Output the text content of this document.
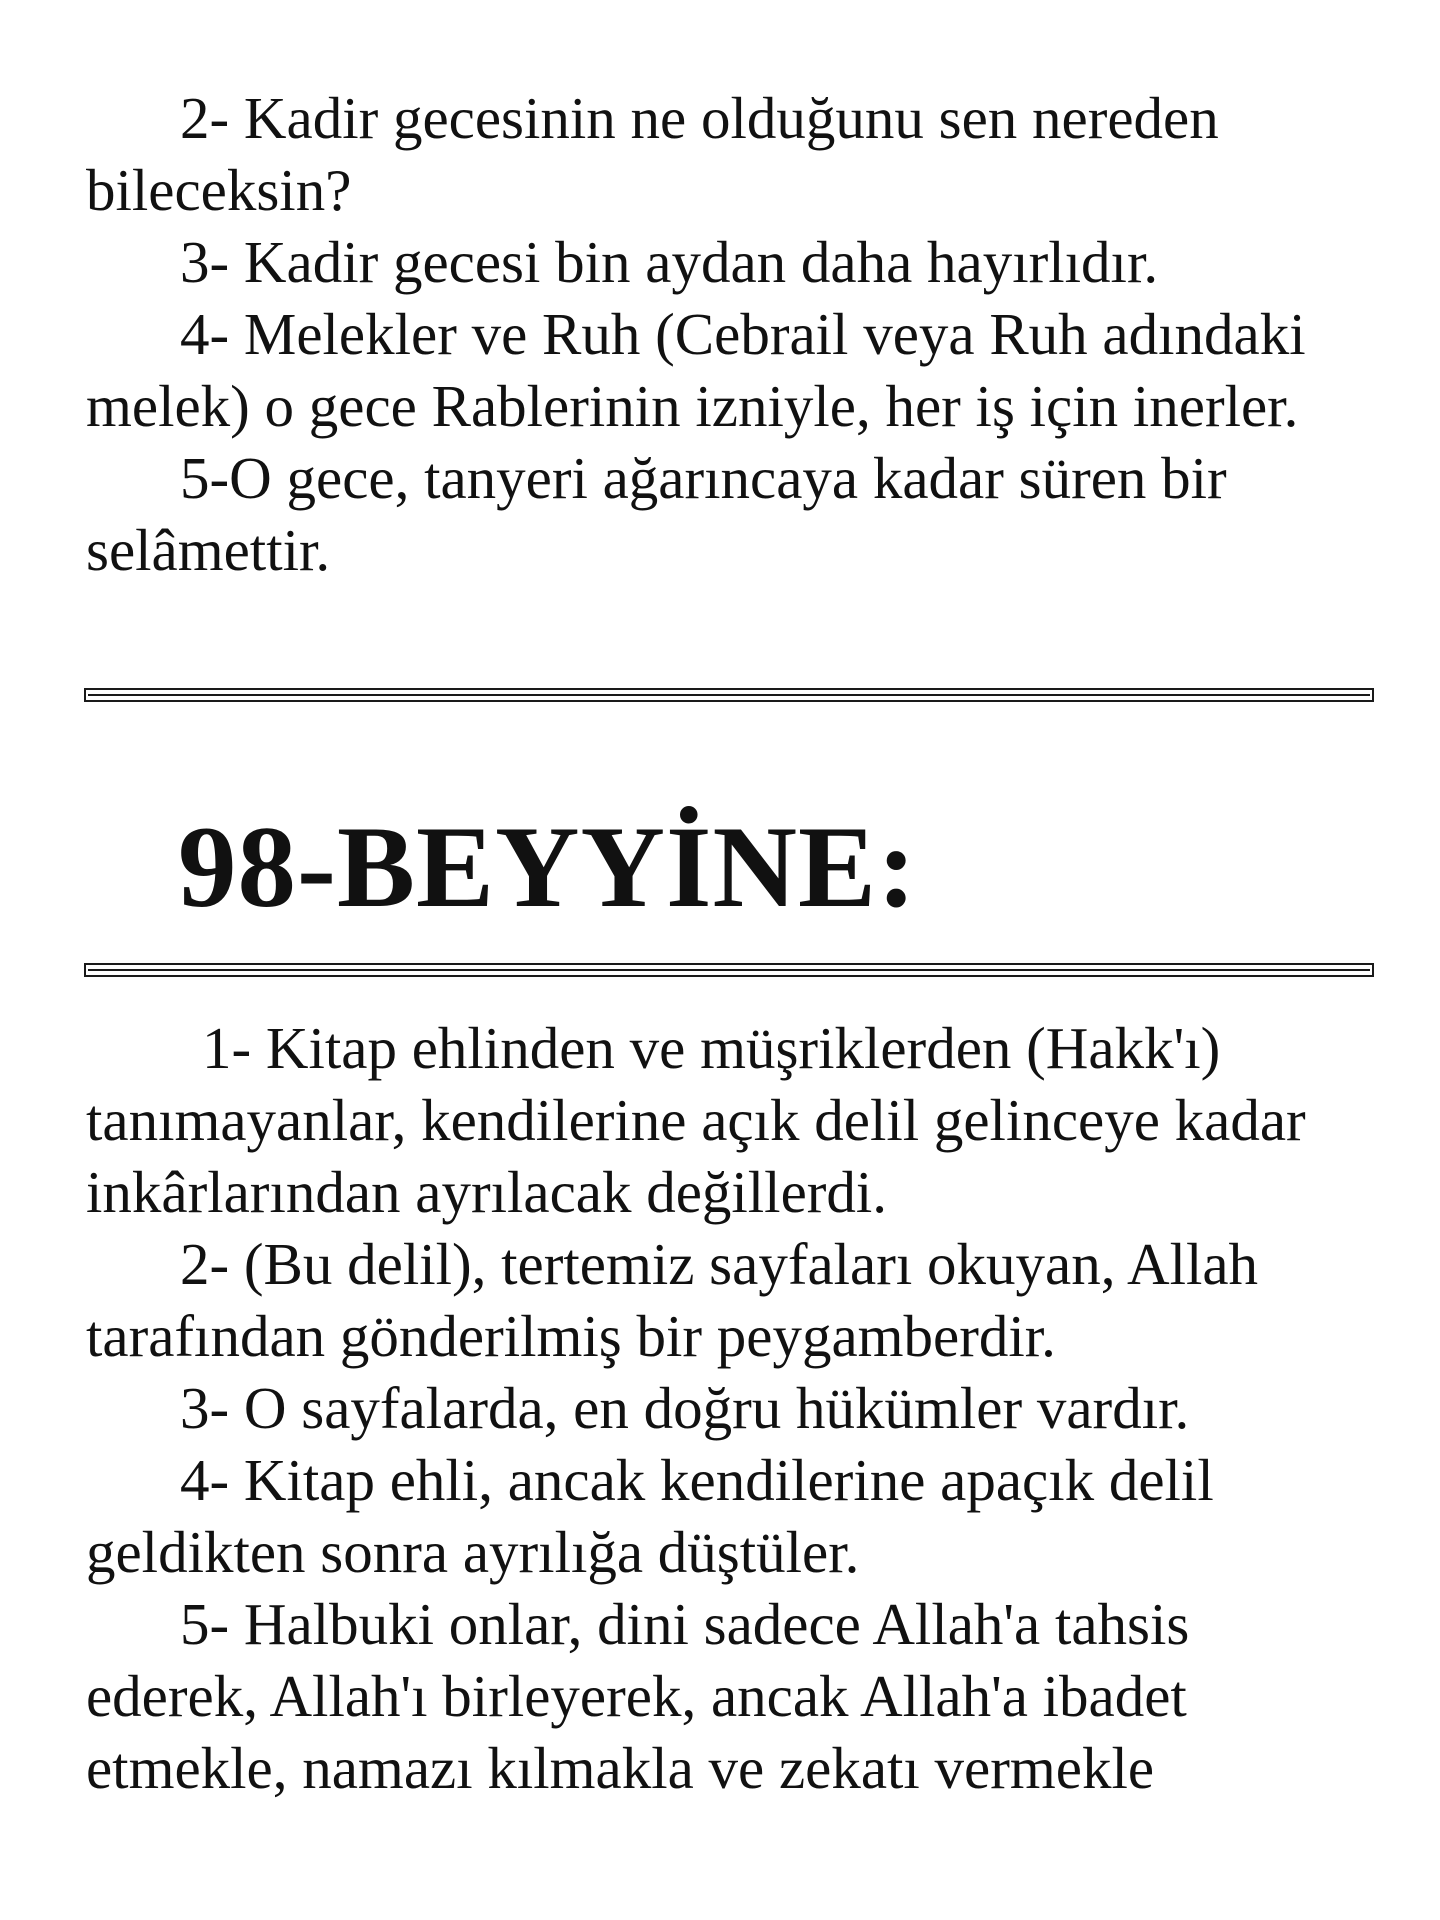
2- Kadir gecesinin ne olduğunu sen nereden bileceksin?

3- Kadir gecesi bin aydan daha hayırlıdır.

4- Melekler ve Ruh (Cebrail veya Ruh adındaki melek) o gece Rablerinin izniyle, her iş için inerler.

5-O gece, tanyeri ağarıncaya kadar süren bir selâmettir.

98-BEYYİNE:

1- Kitap ehlinden ve müşriklerden (Hakk'ı) tanımayanlar, kendilerine açık delil gelinceye kadar inkârlarından ayrılacak değillerdi.

2- (Bu delil), tertemiz sayfaları okuyan, Allah tarafından gönderilmiş bir peygamberdir.

3- O sayfalarda, en doğru hükümler vardır.

4- Kitap ehli, ancak kendilerine apaçık delil geldikten sonra ayrılığa düştüler.

5- Halbuki onlar, dini sadece Allah'a tahsis ederek, Allah'ı birleyerek, ancak Allah'a ibadet etmekle, namazı kılmakla ve zekatı vermekle
